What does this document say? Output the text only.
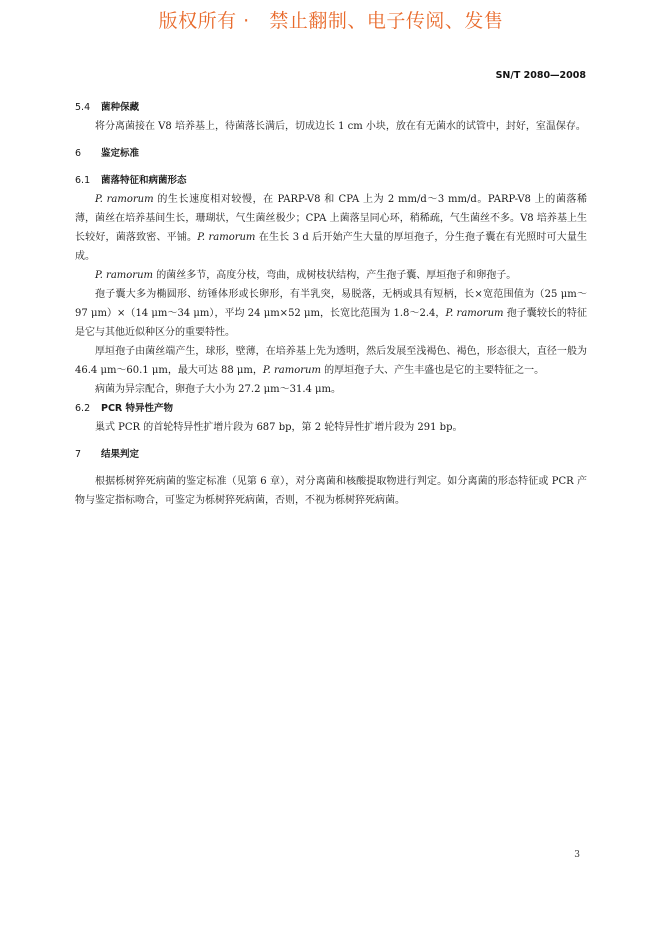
版权所有 ·   禁止翻制、电子传阅、发售
SN/T 2080—2008
5.4 菌种保藏

将分离菌接在 V8 培养基上，待菌落长满后，切成边长 1 cm 小块，放在有无菌水的试管中，封好，室温保存。

6 鉴定标准
6.1 菌落特征和病菌形态

P. ramorum 的生长速度相对较慢，在 PARP-V8 和 CPA 上为 2 mm/d～3 mm/d。PARP-V8 上的菌落稀薄，菌丝在培养基间生长，珊瑚状，气生菌丝极少；CPA 上菌落呈同心环，稍稀疏，气生菌丝不多。V8 培养基上生长较好，菌落致密、平铺。P. ramorum 在生长 3 d 后开始产生大量的厚垣孢子，分生孢子囊在有光照时可大量生成。

P. ramorum 的菌丝多节，高度分枝，弯曲，成树枝状结构，产生孢子囊、厚垣孢子和卵孢子。

孢子囊大多为椭圆形、纺锤体形或长卵形，有半乳突，易脱落，无柄或具有短柄，长×宽范围值为（25 μm～97 μm）×（14 μm～34 μm），平均 24 μm×52 μm，长宽比范围为 1.8～2.4，P. ramorum 孢子囊较长的特征是它与其他近似种区分的重要特性。

厚垣孢子由菌丝端产生，球形，壁薄，在培养基上先为透明，然后发展至浅褐色、褐色，形态很大，直径一般为 46.4 μm～60.1 μm，最大可达 88 μm，P. ramorum 的厚垣孢子大、产生丰盛也是它的主要特征之一。

病菌为异宗配合，卵孢子大小为 27.2 μm～31.4 μm。

6.2 PCR 特异性产物

巢式 PCR 的首轮特异性扩增片段为 687 bp，第 2 轮特异性扩增片段为 291 bp。

7 结果判定

根据栎树猝死病菌的鉴定标准（见第 6 章），对分离菌和核酸提取物进行判定。如分离菌的形态特征或 PCR 产物与鉴定指标吻合，可鉴定为栎树猝死病菌，否则，不视为栎树猝死病菌。

3
